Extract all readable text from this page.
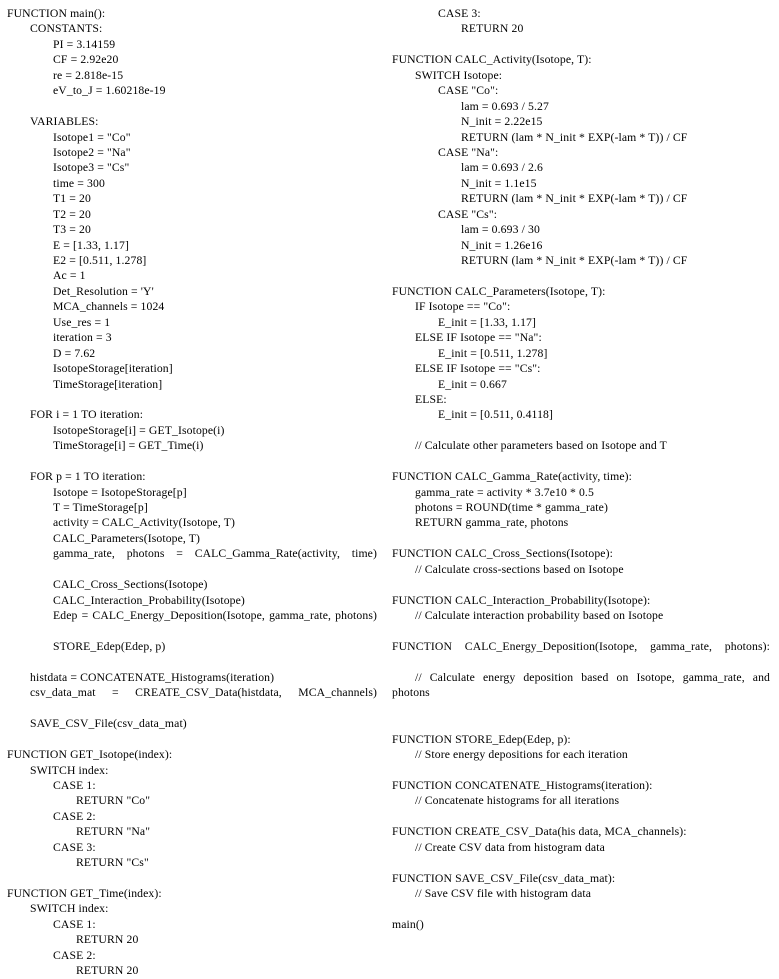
FUNCTION main():
CONSTANTS:
PI = 3.14159
CF = 2.92e20
re = 2.818e-15
eV_to_J = 1.60218e-19

VARIABLES:
Isotope1 = "Co"
Isotope2 = "Na"
Isotope3 = "Cs"
time = 300
T1 = 20
T2 = 20
T3 = 20
E = [1.33, 1.17]
E2 = [0.511, 1.278]
Ac = 1
Det_Resolution = 'Y'
MCA_channels = 1024
Use_res = 1
iteration = 3
D = 7.62
IsotopeStorage[iteration]
TimeStorage[iteration]

FOR i = 1 TO iteration:
IsotopeStorage[i] = GET_Isotope(i)
TimeStorage[i] = GET_Time(i)

FOR p = 1 TO iteration:
Isotope = IsotopeStorage[p]
T = TimeStorage[p]
activity = CALC_Activity(Isotope, T)
CALC_Parameters(Isotope, T)
gamma_rate, photons = CALC_Gamma_Rate(activity, time)
CALC_Cross_Sections(Isotope)
CALC_Interaction_Probability(Isotope)
Edep = CALC_Energy_Deposition(Isotope, gamma_rate, photons)
STORE_Edep(Edep, p)

histdata = CONCATENATE_Histograms(iteration)
csv_data_mat = CREATE_CSV_Data(histdata, MCA_channels)
SAVE_CSV_File(csv_data_mat)

FUNCTION GET_Isotope(index):
SWITCH index:
CASE 1:
RETURN "Co"
CASE 2:
RETURN "Na"
CASE 3:
RETURN "Cs"

FUNCTION GET_Time(index):
SWITCH index:
CASE 1:
RETURN 20
CASE 2:
RETURN 20
CASE 3:
RETURN 20

FUNCTION CALC_Activity(Isotope, T):
SWITCH Isotope:
CASE "Co":
lam = 0.693 / 5.27
N_init = 2.22e15
RETURN (lam * N_init * EXP(-lam * T)) / CF
CASE "Na":
lam = 0.693 / 2.6
N_init = 1.1e15
RETURN (lam * N_init * EXP(-lam * T)) / CF
CASE "Cs":
lam = 0.693 / 30
N_init = 1.26e16
RETURN (lam * N_init * EXP(-lam * T)) / CF

FUNCTION CALC_Parameters(Isotope, T):
IF Isotope == "Co":
E_init = [1.33, 1.17]
ELSE IF Isotope == "Na":
E_init = [0.511, 1.278]
ELSE IF Isotope == "Cs":
E_init = 0.667
ELSE:
E_init = [0.511, 0.4118]

// Calculate other parameters based on Isotope and T

FUNCTION CALC_Gamma_Rate(activity, time):
gamma_rate = activity * 3.7e10 * 0.5
photons = ROUND(time * gamma_rate)
RETURN gamma_rate, photons

FUNCTION CALC_Cross_Sections(Isotope):
// Calculate cross-sections based on Isotope

FUNCTION CALC_Interaction_Probability(Isotope):
// Calculate interaction probability based on Isotope

FUNCTION CALC_Energy_Deposition(Isotope, gamma_rate, photons):
// Calculate energy deposition based on Isotope, gamma_rate, and photons

FUNCTION STORE_Edep(Edep, p):
// Store energy depositions for each iteration

FUNCTION CONCATENATE_Histograms(iteration):
// Concatenate histograms for all iterations

FUNCTION CREATE_CSV_Data(his data, MCA_channels):
// Create CSV data from histogram data

FUNCTION SAVE_CSV_File(csv_data_mat):
// Save CSV file with histogram data

main()
